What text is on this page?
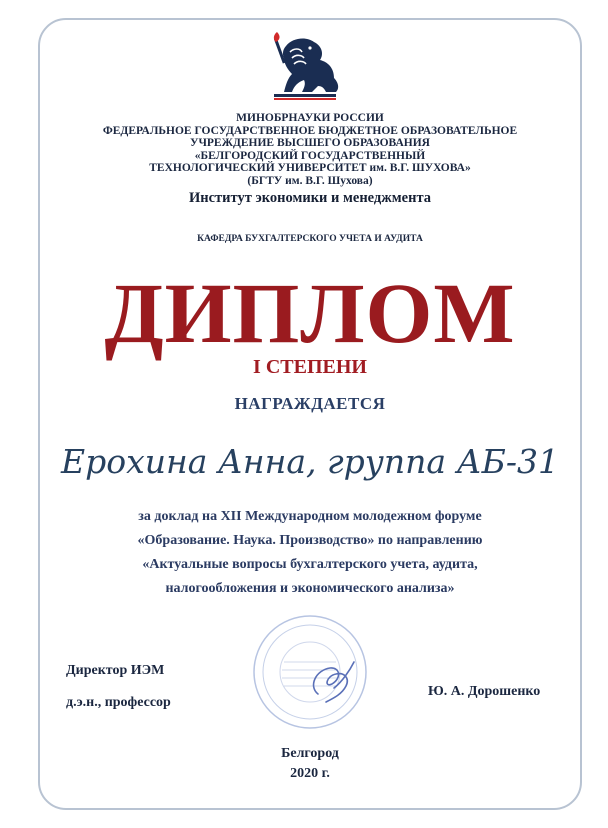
МИНОБРНАУКИ РОССИИ
ФЕДЕРАЛЬНОЕ ГОСУДАРСТВЕННОЕ БЮДЖЕТНОЕ ОБРАЗОВАТЕЛЬНОЕ
УЧРЕЖДЕНИЕ ВЫСШЕГО ОБРАЗОВАНИЯ
«БЕЛГОРОДСКИЙ ГОСУДАРСТВЕННЫЙ
ТЕХНОЛОГИЧЕСКИЙ УНИВЕРСИТЕТ им. В.Г. ШУХОВА»
(БГТУ им. В.Г. Шухова)
Институт экономики и менеджмента
КАФЕДРА БУХГАЛТЕРСКОГО УЧЕТА И АУДИТА
ДИПЛОМ
I СТЕПЕНИ
НАГРАЖДАЕТСЯ
Ерохина Анна, группа АБ-31
за доклад на XII Международном молодежном форуме
«Образование. Наука. Производство» по направлению
«Актуальные вопросы бухгалтерского учета, аудита,
налогообложения и экономического анализа»
Директор ИЭМ
д.э.н., профессор
Ю. А. Дорошенко
Белгород
2020 г.
